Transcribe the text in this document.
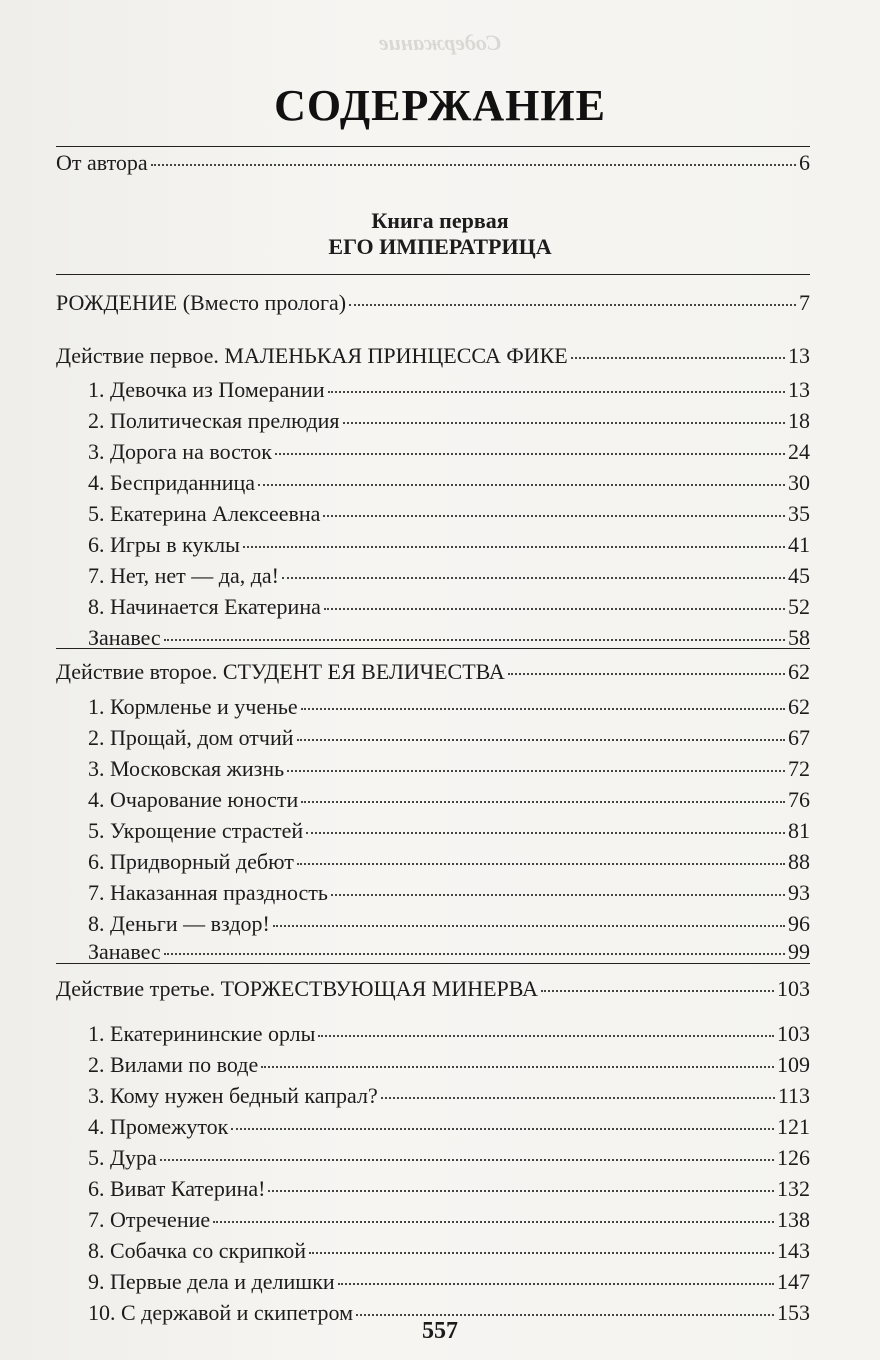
Содержание
СОДЕРЖАНИЕ
От автора	6
Книга первая
ЕГО ИМПЕРАТРИЦА
РОЖДЕНИЕ (Вместо пролога)	7
Действие первое. МАЛЕНЬКАЯ ПРИНЦЕССА ФИКЕ	13
1. Девочка из Померании	13
2. Политическая прелюдия	18
3. Дорога на восток	24
4. Бесприданница	30
5. Екатерина Алексеевна	35
6. Игры в куклы	41
7. Нет, нет — да, да!	45
8. Начинается Екатерина	52
Занавес	58
Действие второе. СТУДЕНТ ЕЯ ВЕЛИЧЕСТВА	62
1. Кормленье и ученье	62
2. Прощай, дом отчий	67
3. Московская жизнь	72
4. Очарование юности	76
5. Укрощение страстей	81
6. Придворный дебют	88
7. Наказанная праздность	93
8. Деньги — вздор!	96
Занавес	99
Действие третье. ТОРЖЕСТВУЮЩАЯ МИНЕРВА	103
1. Екатерининские орлы	103
2. Вилами по воде	109
3. Кому нужен бедный капрал?	113
4. Промежуток	121
5. Дура	126
6. Виват Катерина!	132
7. Отречение	138
8. Собачка со скрипкой	143
9. Первые дела и делишки	147
10. С державой и скипетром	153
557
